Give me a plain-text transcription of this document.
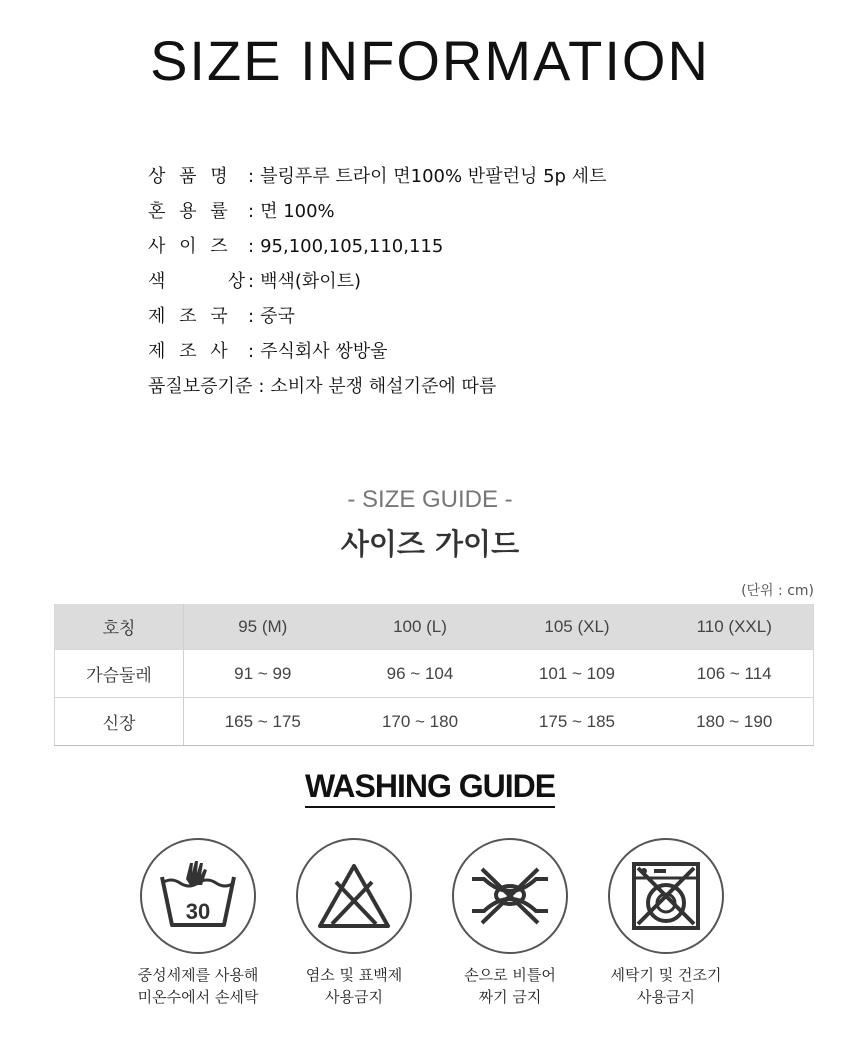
SIZE INFORMATION
상 품 명 : 블링푸루 트라이 면100% 반팔런닝 5p 세트
혼 용 률 : 면 100%
사 이 즈 : 95,100,105,110,115
색      상: 백색(화이트)
제 조 국 : 중국
제 조 사 : 주식회사 쌍방울
품질보증기준 : 소비자 분쟁 해설기준에 따름
- SIZE GUIDE -
사이즈 가이드
(단위 : cm)
호칭	95 (M)	100 (L)	105 (XL)	110 (XXL)
가슴둘레	91 ~ 99	96 ~ 104	101 ~ 109	106 ~ 114
신장	165 ~ 175	170 ~ 180	175 ~ 185	180 ~ 190
WASHING GUIDE
30
중성세제를 사용해
미온수에서 손세탁
염소 및 표백제
사용금지
손으로 비틀어
짜기 금지
세탁기 및 건조기
사용금지
